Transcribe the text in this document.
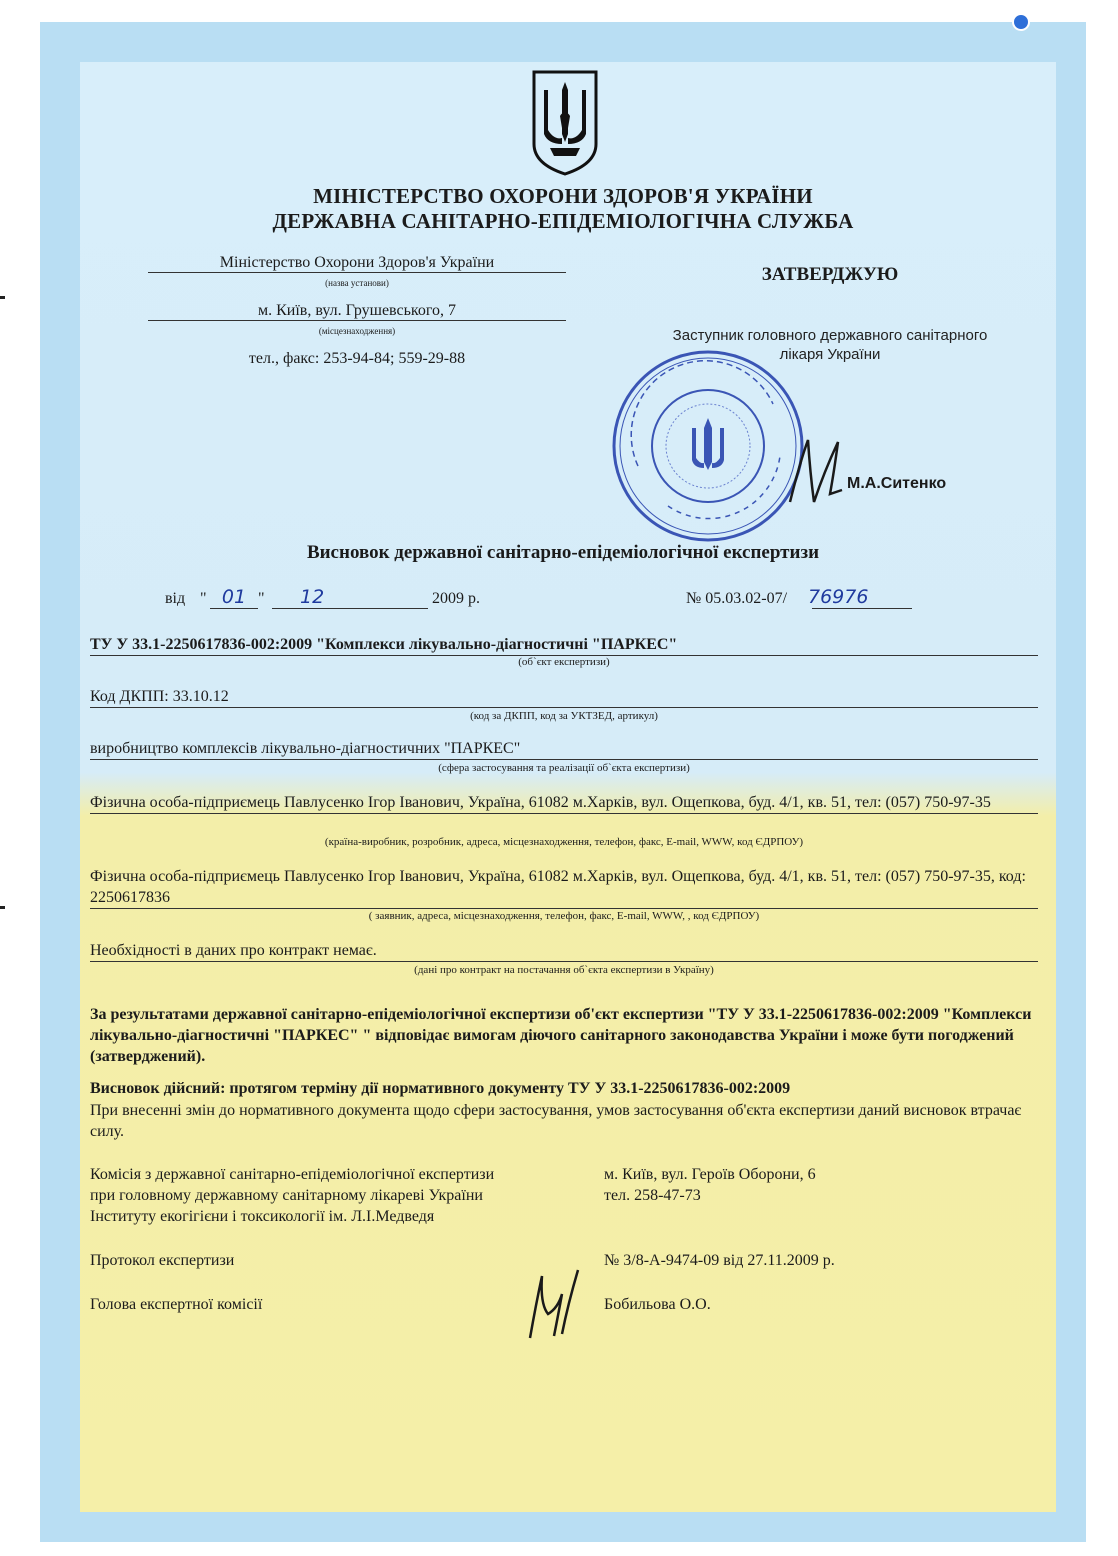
МІНІСТЕРСТВО ОХОРОНИ ЗДОРОВ'Я УКРАЇНИ
ДЕРЖАВНА САНІТАРНО-ЕПІДЕМІОЛОГІЧНА СЛУЖБА
Міністерство Охорони Здоров'я України
(назва установи)
м. Київ, вул. Грушевського, 7
(місцезнаходження)
тел., факс: 253-94-84; 559-29-88
ЗАТВЕРДЖУЮ
Заступник головного державного санітарного лікаря України
М.А.Ситенко
Висновок державної санітарно-епідеміологічної експертизи
від " 01 " 12	2009 р.	№ 05.03.02-07/ 76976
ТУ У 33.1-2250617836-002:2009 "Комплекси лікувально-діагностичні "ПАРКЕС"
(об`єкт експертизи)
Код ДКПП: 33.10.12
(код за ДКПП, код за УКТЗЕД, артикул)
виробництво комплексів лікувально-діагностичних "ПАРКЕС"
(сфера застосування та реалізації об`єкта експертизи)
Фізична особа-підприємець Павлусенко Ігор Іванович, Україна, 61082 м.Харків, вул. Ощепкова, буд. 4/1, кв. 51, тел: (057) 750-97-35
(країна-виробник, розробник, адреса, місцезнаходження, телефон, факс, E-mail, WWW, код ЄДРПОУ)
Фізична особа-підприємець Павлусенко Ігор Іванович, Україна, 61082 м.Харків, вул. Ощепкова, буд. 4/1, кв. 51, тел: (057) 750-97-35, код: 2250617836
( заявник, адреса, місцезнаходження, телефон, факс, E-mail, WWW, , код ЄДРПОУ)
Необхідності в даних про контракт немає.
(дані про контракт на постачання об`єкта експертизи в Україну)
За результатами державної санітарно-епідеміологічної експертизи об'єкт експертизи "ТУ У 33.1-2250617836-002:2009 "Комплекси лікувально-діагностичні "ПАРКЕС" " відповідає вимогам діючого санітарного законодавства України і може бути погоджений (затверджений).
Висновок дійсний: протягом терміну дії нормативного документу ТУ У 33.1-2250617836-002:2009
При внесенні змін до нормативного документа щодо сфери застосування, умов застосування об'єкта експертизи даний висновок втрачає силу.
Комісія з державної санітарно-епідеміологічної експертизи
при головному державному санітарному лікареві України
Інституту екогігієни і токсикології ім. Л.І.Медведя
м. Київ, вул. Героїв Оборони, 6
тел. 258-47-73
Протокол експертизи	№ 3/8-А-9474-09 від 27.11.2009 р.
Голова експертної комісії	Бобильова О.О.
